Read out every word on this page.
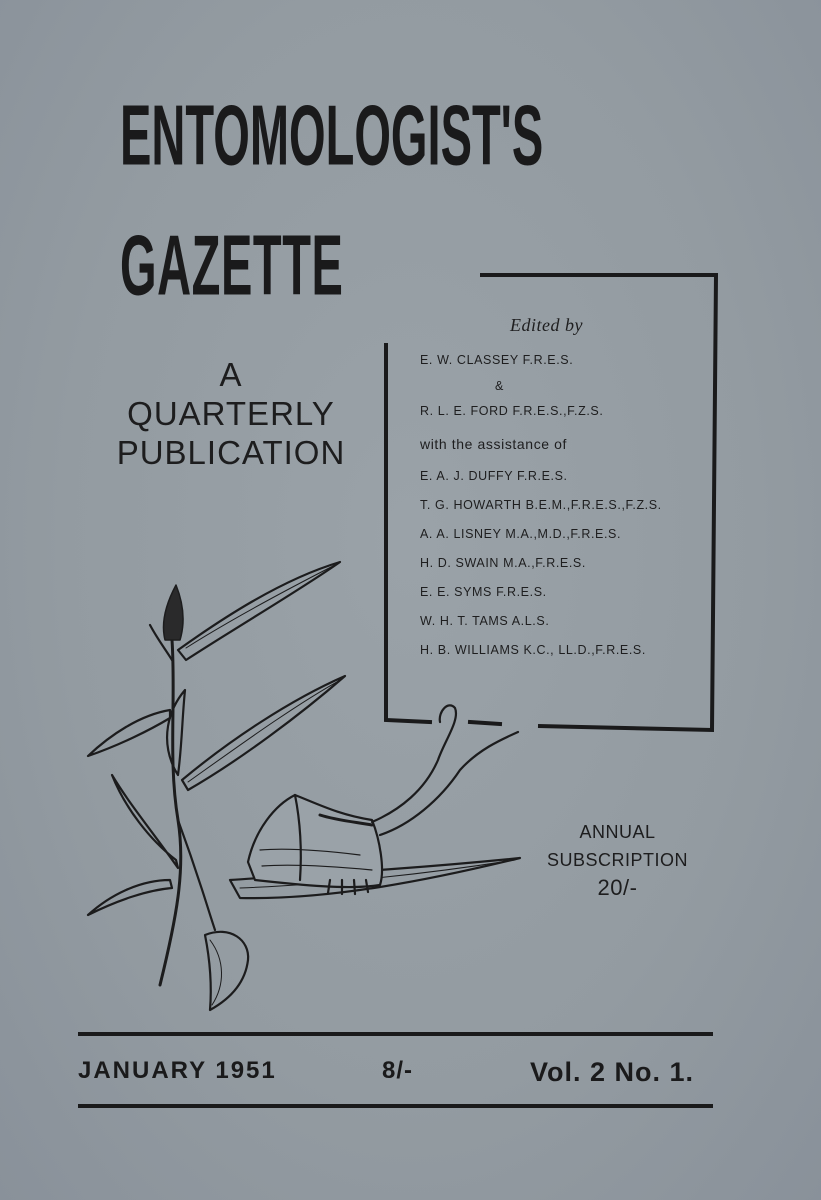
ENTOMOLOGIST'S
GAZETTE
A
QUARTERLY
PUBLICATION
Edited by
E. W. CLASSEY F.R.E.S.
&
R. L. E. FORD F.R.E.S.,F.Z.S.
with the assistance of
E. A. J. DUFFY F.R.E.S.
T. G. HOWARTH B.E.M.,F.R.E.S.,F.Z.S.
A. A. LISNEY M.A.,M.D.,F.R.E.S.
H. D. SWAIN M.A.,F.R.E.S.
E. E. SYMS F.R.E.S.
W. H. T. TAMS A.L.S.
H. B. WILLIAMS K.C., LL.D.,F.R.E.S.
ANNUAL
SUBSCRIPTION
20/-
JANUARY 1951	8/-	Vol. 2 No. 1.
